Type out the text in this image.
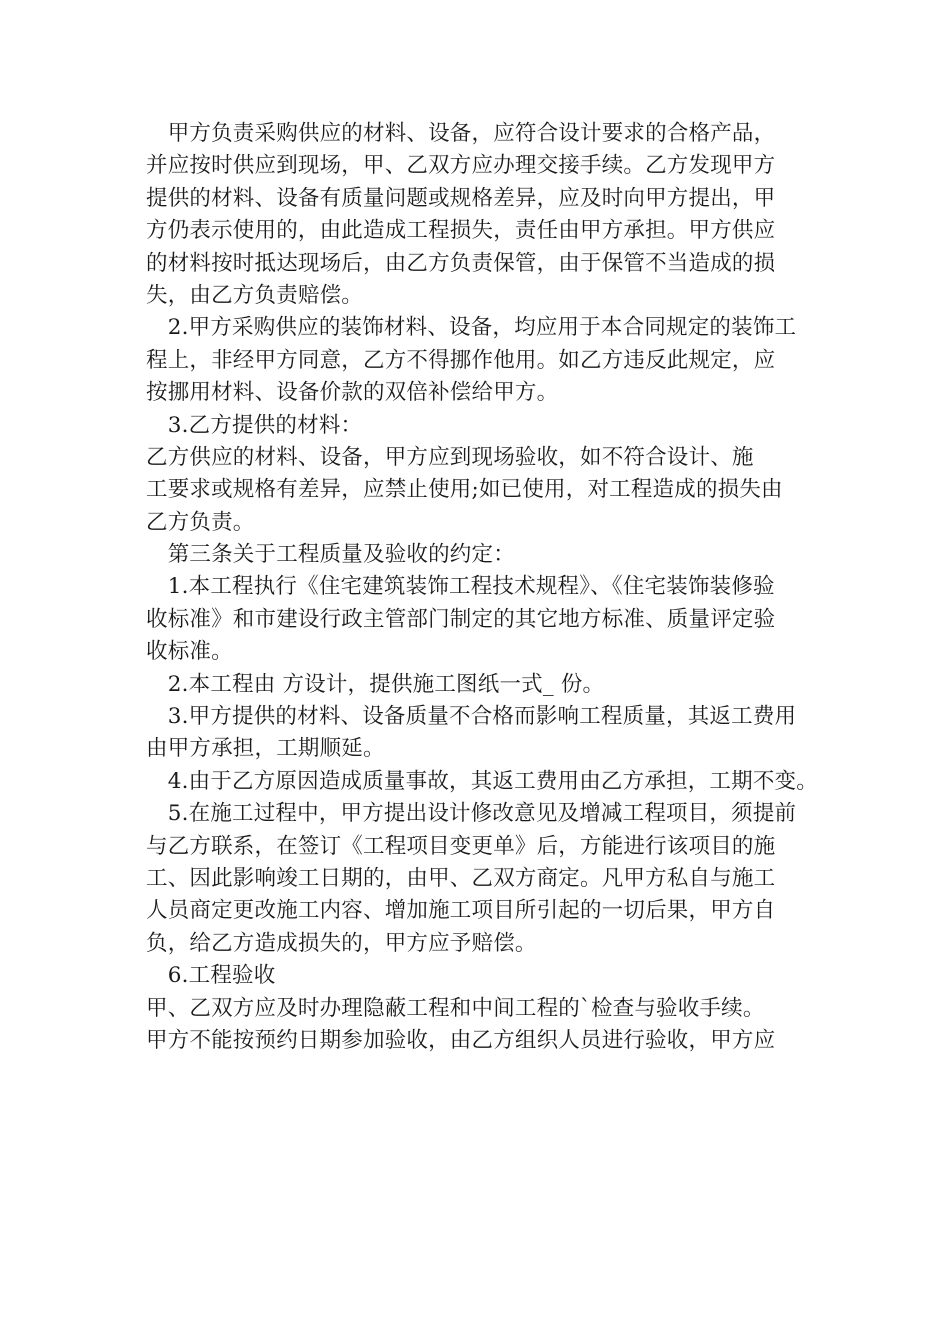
　甲方负责采购供应的材料、设备，应符合设计要求的合格产品，

并应按时供应到现场，甲、乙双方应办理交接手续。乙方发现甲方

提供的材料、设备有质量问题或规格差异，应及时向甲方提出，甲

方仍表示使用的，由此造成工程损失，责任由甲方承担。甲方供应

的材料按时抵达现场后，由乙方负责保管，由于保管不当造成的损

失，由乙方负责赔偿。

　2.甲方采购供应的装饰材料、设备，均应用于本合同规定的装饰工

程上，非经甲方同意，乙方不得挪作他用。如乙方违反此规定，应

按挪用材料、设备价款的双倍补偿给甲方。

　3.乙方提供的材料：

乙方供应的材料、设备，甲方应到现场验收，如不符合设计、施

工要求或规格有差异，应禁止使用;如已使用，对工程造成的损失由

乙方负责。

　第三条关于工程质量及验收的约定：

　1.本工程执行《住宅建筑装饰工程技术规程》、《住宅装饰装修验

收标准》和市建设行政主管部门制定的其它地方标准、质量评定验

收标准。

　2.本工程由 方设计，提供施工图纸一式_ 份。

　3.甲方提供的材料、设备质量不合格而影响工程质量，其返工费用

由甲方承担，工期顺延。

　4.由于乙方原因造成质量事故，其返工费用由乙方承担，工期不变。

　5.在施工过程中，甲方提出设计修改意见及增减工程项目，须提前

与乙方联系，在签订《工程项目变更单》后，方能进行该项目的施

工、因此影响竣工日期的，由甲、乙双方商定。凡甲方私自与施工

人员商定更改施工内容、增加施工项目所引起的一切后果，甲方自

负，给乙方造成损失的，甲方应予赔偿。

　6.工程验收

甲、乙双方应及时办理隐蔽工程和中间工程的`检查与验收手续。

甲方不能按预约日期参加验收，由乙方组织人员进行验收，甲方应
